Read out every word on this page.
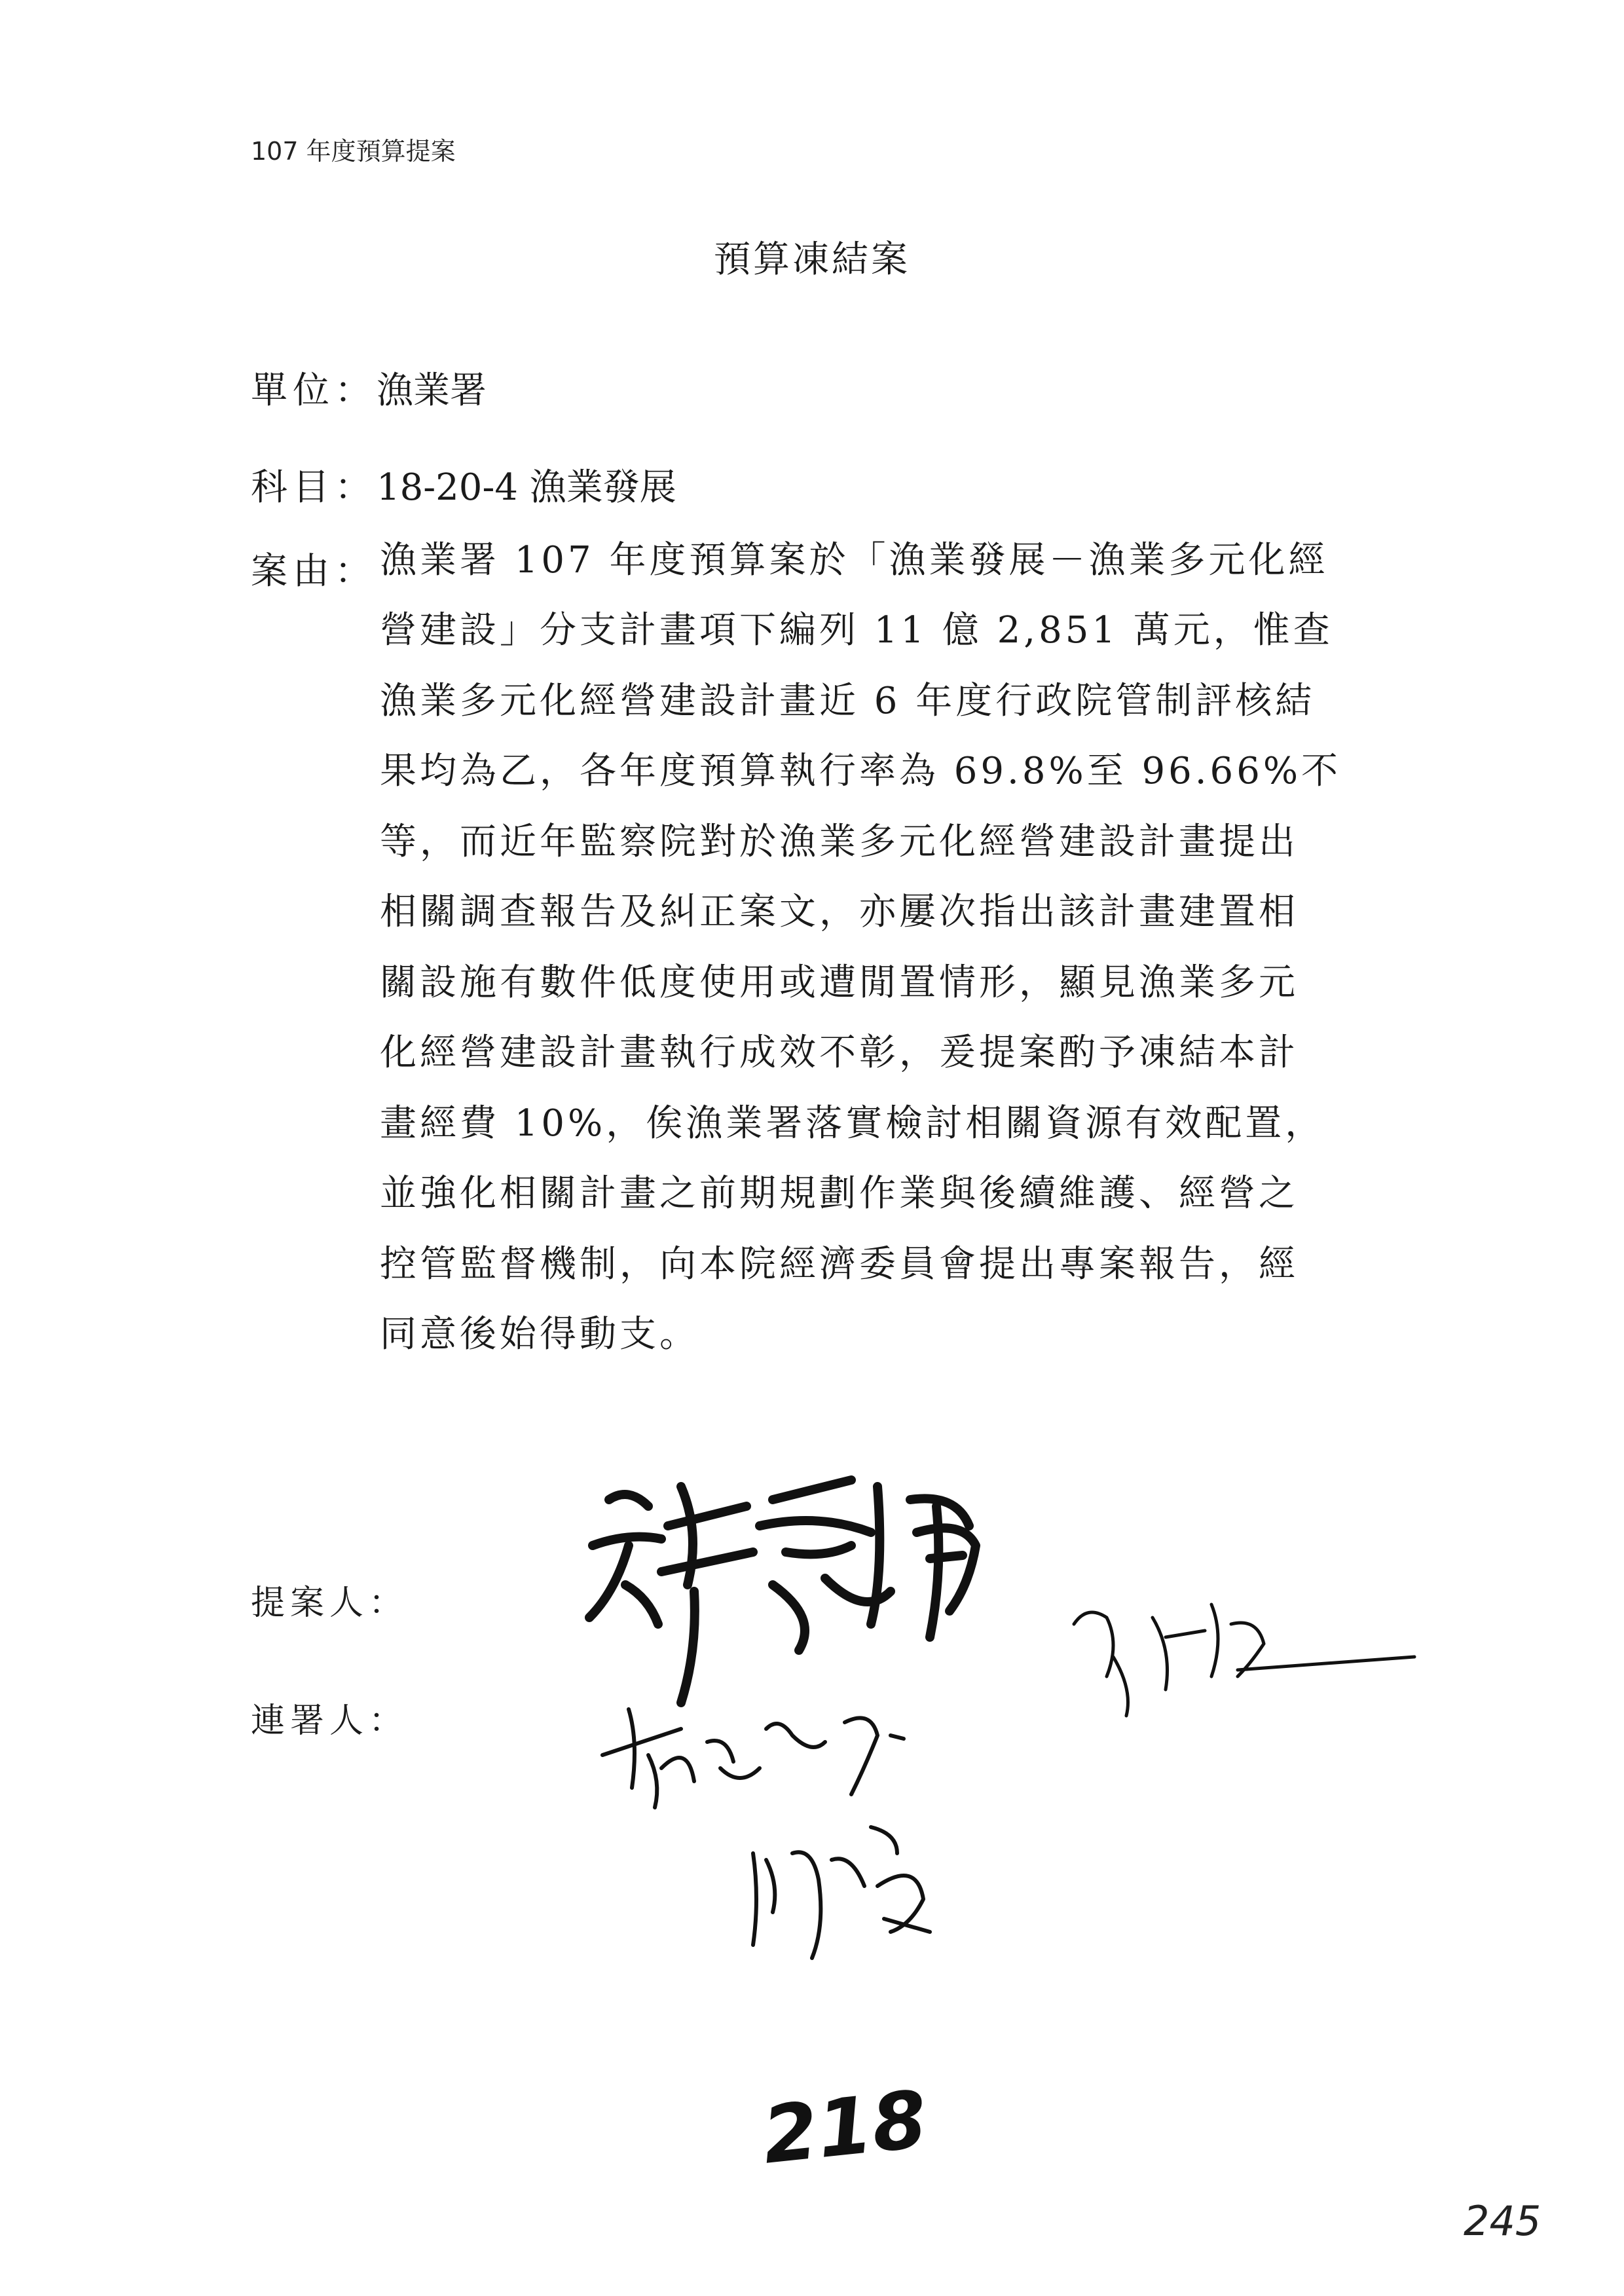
107 年度預算提案
預算凍結案
單位：漁業署
科目：18-20-4 漁業發展
案由： 漁業署 107 年度預算案於「漁業發展－漁業多元化經
營建設」分支計畫項下編列 11 億 2,851 萬元，惟查
漁業多元化經營建設計畫近 6 年度行政院管制評核結
果均為乙，各年度預算執行率為 69.8%至 96.66%不
等，而近年監察院對於漁業多元化經營建設計畫提出
相關調查報告及糾正案文，亦屢次指出該計畫建置相
關設施有數件低度使用或遭閒置情形，顯見漁業多元
化經營建設計畫執行成效不彰，爰提案酌予凍結本計
畫經費 10%，俟漁業署落實檢討相關資源有效配置，
並強化相關計畫之前期規劃作業與後續維護、經營之
控管監督機制，向本院經濟委員會提出專案報告，經
同意後始得動支。
提案人：
連署人：
218
245
